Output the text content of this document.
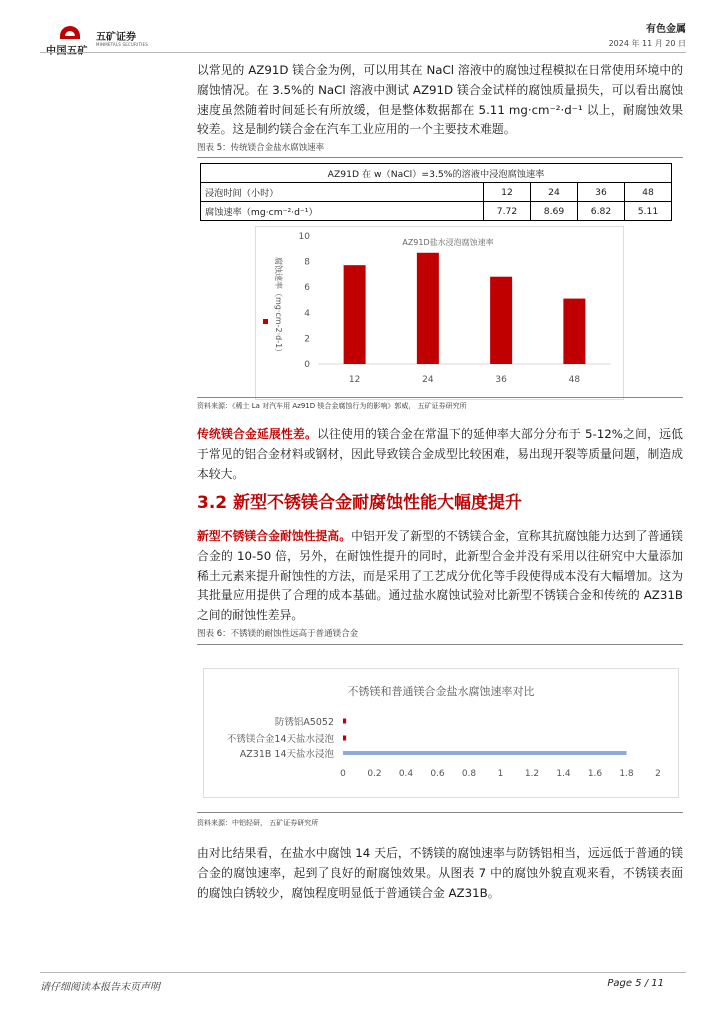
五矿证券
MINMETALS SECURITIES
有色金属
2024 年 11 月 20 日

以常见的 AZ91D 镁合金为例，可以用其在 NaCl 溶液中的腐蚀过程模拟在日常使用环境中的腐蚀情况。在 3.5%的 NaCl 溶液中测试 AZ91D 镁合金试样的腐蚀质量损失，可以看出腐蚀速度虽然随着时间延长有所放缓，但是整体数据都在 5.11 mg·cm⁻²·d⁻¹ 以上，耐腐蚀效果较差。这是制约镁合金在汽车工业应用的一个主要技术难题。

图表 5：传统镁合金盐水腐蚀速率
AZ91D 在 w（NaCl）=3.5%的溶液中浸泡腐蚀速率				
浸泡时间（小时）	12	24	36	48
腐蚀速率（mg·cm⁻²·d⁻¹）	7.72	8.69	6.82	5.11
AZ91D盐水浸泡腐蚀速率
0
2
4
6
8
10
腐蚀速率（mg·cm-2·d-1）
12	24	36	48
资料来源：《稀土 La 对汽车用 Az91D 镁合金腐蚀行为的影响》郭威， 五矿证券研究所

传统镁合金延展性差。以往使用的镁合金在常温下的延伸率大部分分布于 5-12%之间，远低于常见的铝合金材料或钢材，因此导致镁合金成型比较困难，易出现开裂等质量问题，制造成本较大。

3.2 新型不锈镁合金耐腐蚀性能大幅度提升

新型不锈镁合金耐蚀性提高。中铝开发了新型的不锈镁合金，宣称其抗腐蚀能力达到了普通镁合金的 10-50 倍，另外，在耐蚀性提升的同时，此新型合金并没有采用以往研究中大量添加稀土元素来提升耐蚀性的方法，而是采用了工艺成分优化等手段使得成本没有大幅增加。这为其批量应用提供了合理的成本基础。通过盐水腐蚀试验对比新型不锈镁合金和传统的 AZ31B 之间的耐蚀性差异。

图表 6：不锈镁的耐蚀性远高于普通镁合金
不锈镁和普通镁合金盐水腐蚀速率对比
防锈铝A5052
不锈镁合金14天盐水浸泡
AZ31B 14天盐水浸泡
0 0.2 0.4 0.6 0.8 1 1.2 1.4 1.6 1.8 2
资料来源：中铝轻研， 五矿证券研究所

由对比结果看，在盐水中腐蚀 14 天后，不锈镁的腐蚀速率与防锈铝相当，远远低于普通的镁合金的腐蚀速率，起到了良好的耐腐蚀效果。从图表 7 中的腐蚀外貌直观来看，不锈镁表面的腐蚀白锈较少，腐蚀程度明显低于普通镁合金 AZ31B。

请仔细阅读本报告末页声明	Page 5 / 11
